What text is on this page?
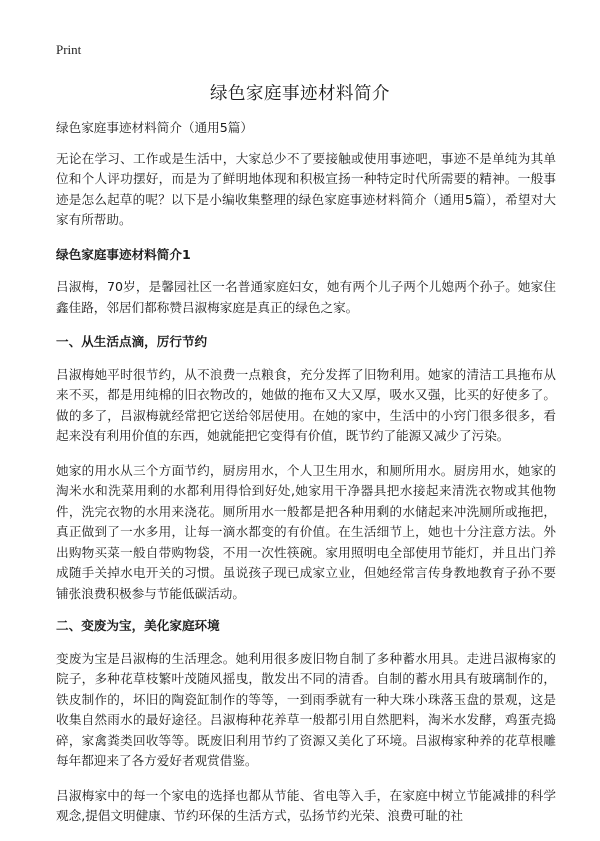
Print
绿色家庭事迹材料简介

绿色家庭事迹材料简介（通用5篇）

无论在学习、工作或是生活中，大家总少不了要接触或使用事迹吧，事迹不是单纯为其单位和个人评功摆好，而是为了鲜明地体现和积极宣扬一种特定时代所需要的精神。一般事迹是怎么起草的呢？以下是小编收集整理的绿色家庭事迹材料简介（通用5篇），希望对大家有所帮助。

绿色家庭事迹材料简介1

吕淑梅，70岁，是馨园社区一名普通家庭妇女，她有两个儿子两个儿媳两个孙子。她家住鑫佳路，邻居们都称赞吕淑梅家庭是真正的绿色之家。

一、从生活点滴，厉行节约

吕淑梅她平时很节约，从不浪费一点粮食，充分发挥了旧物利用。她家的清洁工具拖布从来不买，都是用纯棉的旧衣物改的，她做的拖布又大又厚，吸水又强，比买的好使多了。做的多了，吕淑梅就经常把它送给邻居使用。在她的家中，生活中的小窍门很多很多，看起来没有利用价值的东西，她就能把它变得有价值，既节约了能源又减少了污染。

她家的用水从三个方面节约，厨房用水，个人卫生用水，和厕所用水。厨房用水，她家的淘米水和洗菜用剩的水都利用得恰到好处,她家用干净器具把水接起来清洗衣物或其他物件，洗完衣物的水用来浇花。厕所用水一般都是把各种用剩的水储起来冲洗厕所或拖把，真正做到了一水多用，让每一滴水都变的有价值。在生活细节上，她也十分注意方法。外出购物买菜一般自带购物袋，不用一次性筷碗。家用照明电全部使用节能灯，并且出门养成随手关掉水电开关的习惯。虽说孩子现已成家立业，但她经常言传身教地教育子孙不要铺张浪费积极参与节能低碳活动。

二、变废为宝，美化家庭环境

变废为宝是吕淑梅的生活理念。她利用很多废旧物自制了多种蓄水用具。走进吕淑梅家的院子，多种花草枝繁叶茂随风摇曳，散发出不同的清香。自制的蓄水用具有玻璃制作的，铁皮制作的，坏旧的陶瓷缸制作的等等，一到雨季就有一种大珠小珠落玉盘的景观，这是收集自然雨水的最好途径。吕淑梅种花养草一般都引用自然肥料，淘米水发酵，鸡蛋壳捣碎，家禽粪类回收等等。既废旧利用节约了资源又美化了环境。吕淑梅家种养的花草根雕每年都迎来了各方爱好者观赏借鉴。

吕淑梅家中的每一个家电的选择也都从节能、省电等入手，在家庭中树立节能减排的科学观念,提倡文明健康、节约环保的生活方式，弘扬节约光荣、浪费可耻的社
